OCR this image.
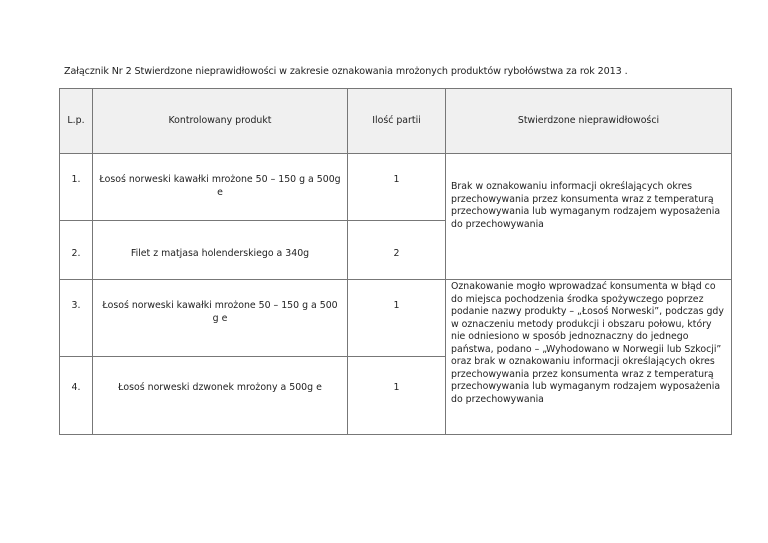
Załącznik Nr 2 Stwierdzone nieprawidłowości w zakresie oznakowania mrożonych produktów rybołówstwa za rok 2013 .
L.p.	Kontrolowany produkt	Ilość partii	Stwierdzone nieprawidłowości
1.	Łosoś norweski kawałki mrożone 50 – 150 g a 500g e	1	Brak w oznakowaniu informacji określających okres przechowywania przez konsumenta wraz z temperaturą przechowywania lub wymaganym rodzajem wyposażenia do przechowywania
2.	Filet z matjasa holenderskiego a 340g	2	
3.	Łosoś norweski kawałki mrożone 50 – 150 g a 500 g e	1	Oznakowanie mogło wprowadzać konsumenta w błąd co do miejsca pochodzenia środka spożywczego poprzez podanie nazwy produkty – „Łosoś Norweski”, podczas gdy w oznaczeniu metody produkcji i obszaru połowu, który nie odniesiono w sposób jednoznaczny do jednego państwa, podano – „Wyhodowano w Norwegii lub Szkocji” oraz brak w oznakowaniu informacji określających okres przechowywania przez konsumenta wraz z temperaturą przechowywania lub wymaganym rodzajem wyposażenia do przechowywania
4.	Łosoś norweski dzwonek mrożony a 500g e	1	
